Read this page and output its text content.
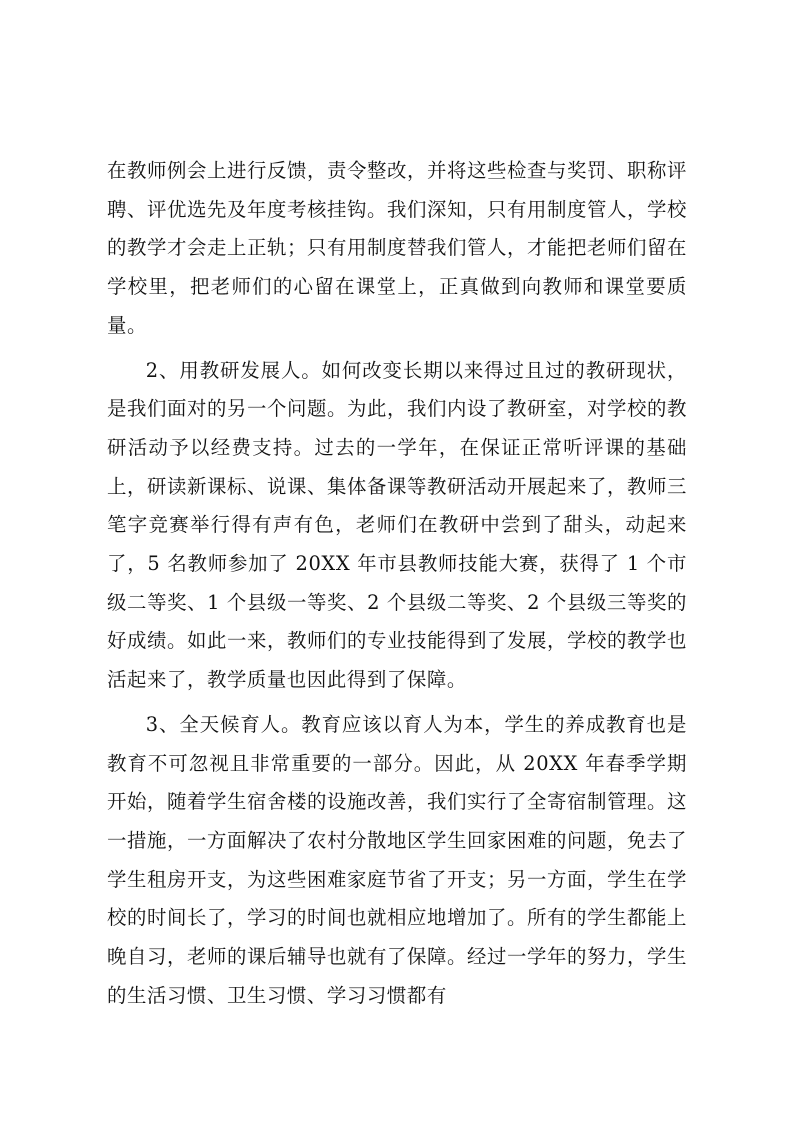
在教师例会上进行反馈，责令整改，并将这些检查与奖罚、职称评聘、评优选先及年度考核挂钩。我们深知，只有用制度管人，学校的教学才会走上正轨；只有用制度替我们管人，才能把老师们留在学校里，把老师们的心留在课堂上，正真做到向教师和课堂要质量。

2、用教研发展人。如何改变长期以来得过且过的教研现状，是我们面对的另一个问题。为此，我们内设了教研室，对学校的教研活动予以经费支持。过去的一学年，在保证正常听评课的基础上，研读新课标、说课、集体备课等教研活动开展起来了，教师三笔字竞赛举行得有声有色，老师们在教研中尝到了甜头，动起来了，5 名教师参加了 20XX 年市县教师技能大赛，获得了 1 个市级二等奖、1 个县级一等奖、2 个县级二等奖、2 个县级三等奖的好成绩。如此一来，教师们的专业技能得到了发展，学校的教学也活起来了，教学质量也因此得到了保障。

3、全天候育人。教育应该以育人为本，学生的养成教育也是教育不可忽视且非常重要的一部分。因此，从 20XX 年春季学期开始，随着学生宿舍楼的设施改善，我们实行了全寄宿制管理。这一措施，一方面解决了农村分散地区学生回家困难的问题，免去了学生租房开支，为这些困难家庭节省了开支；另一方面，学生在学校的时间长了，学习的时间也就相应地增加了。所有的学生都能上晚自习，老师的课后辅导也就有了保障。经过一学年的努力，学生的生活习惯、卫生习惯、学习习惯都有
